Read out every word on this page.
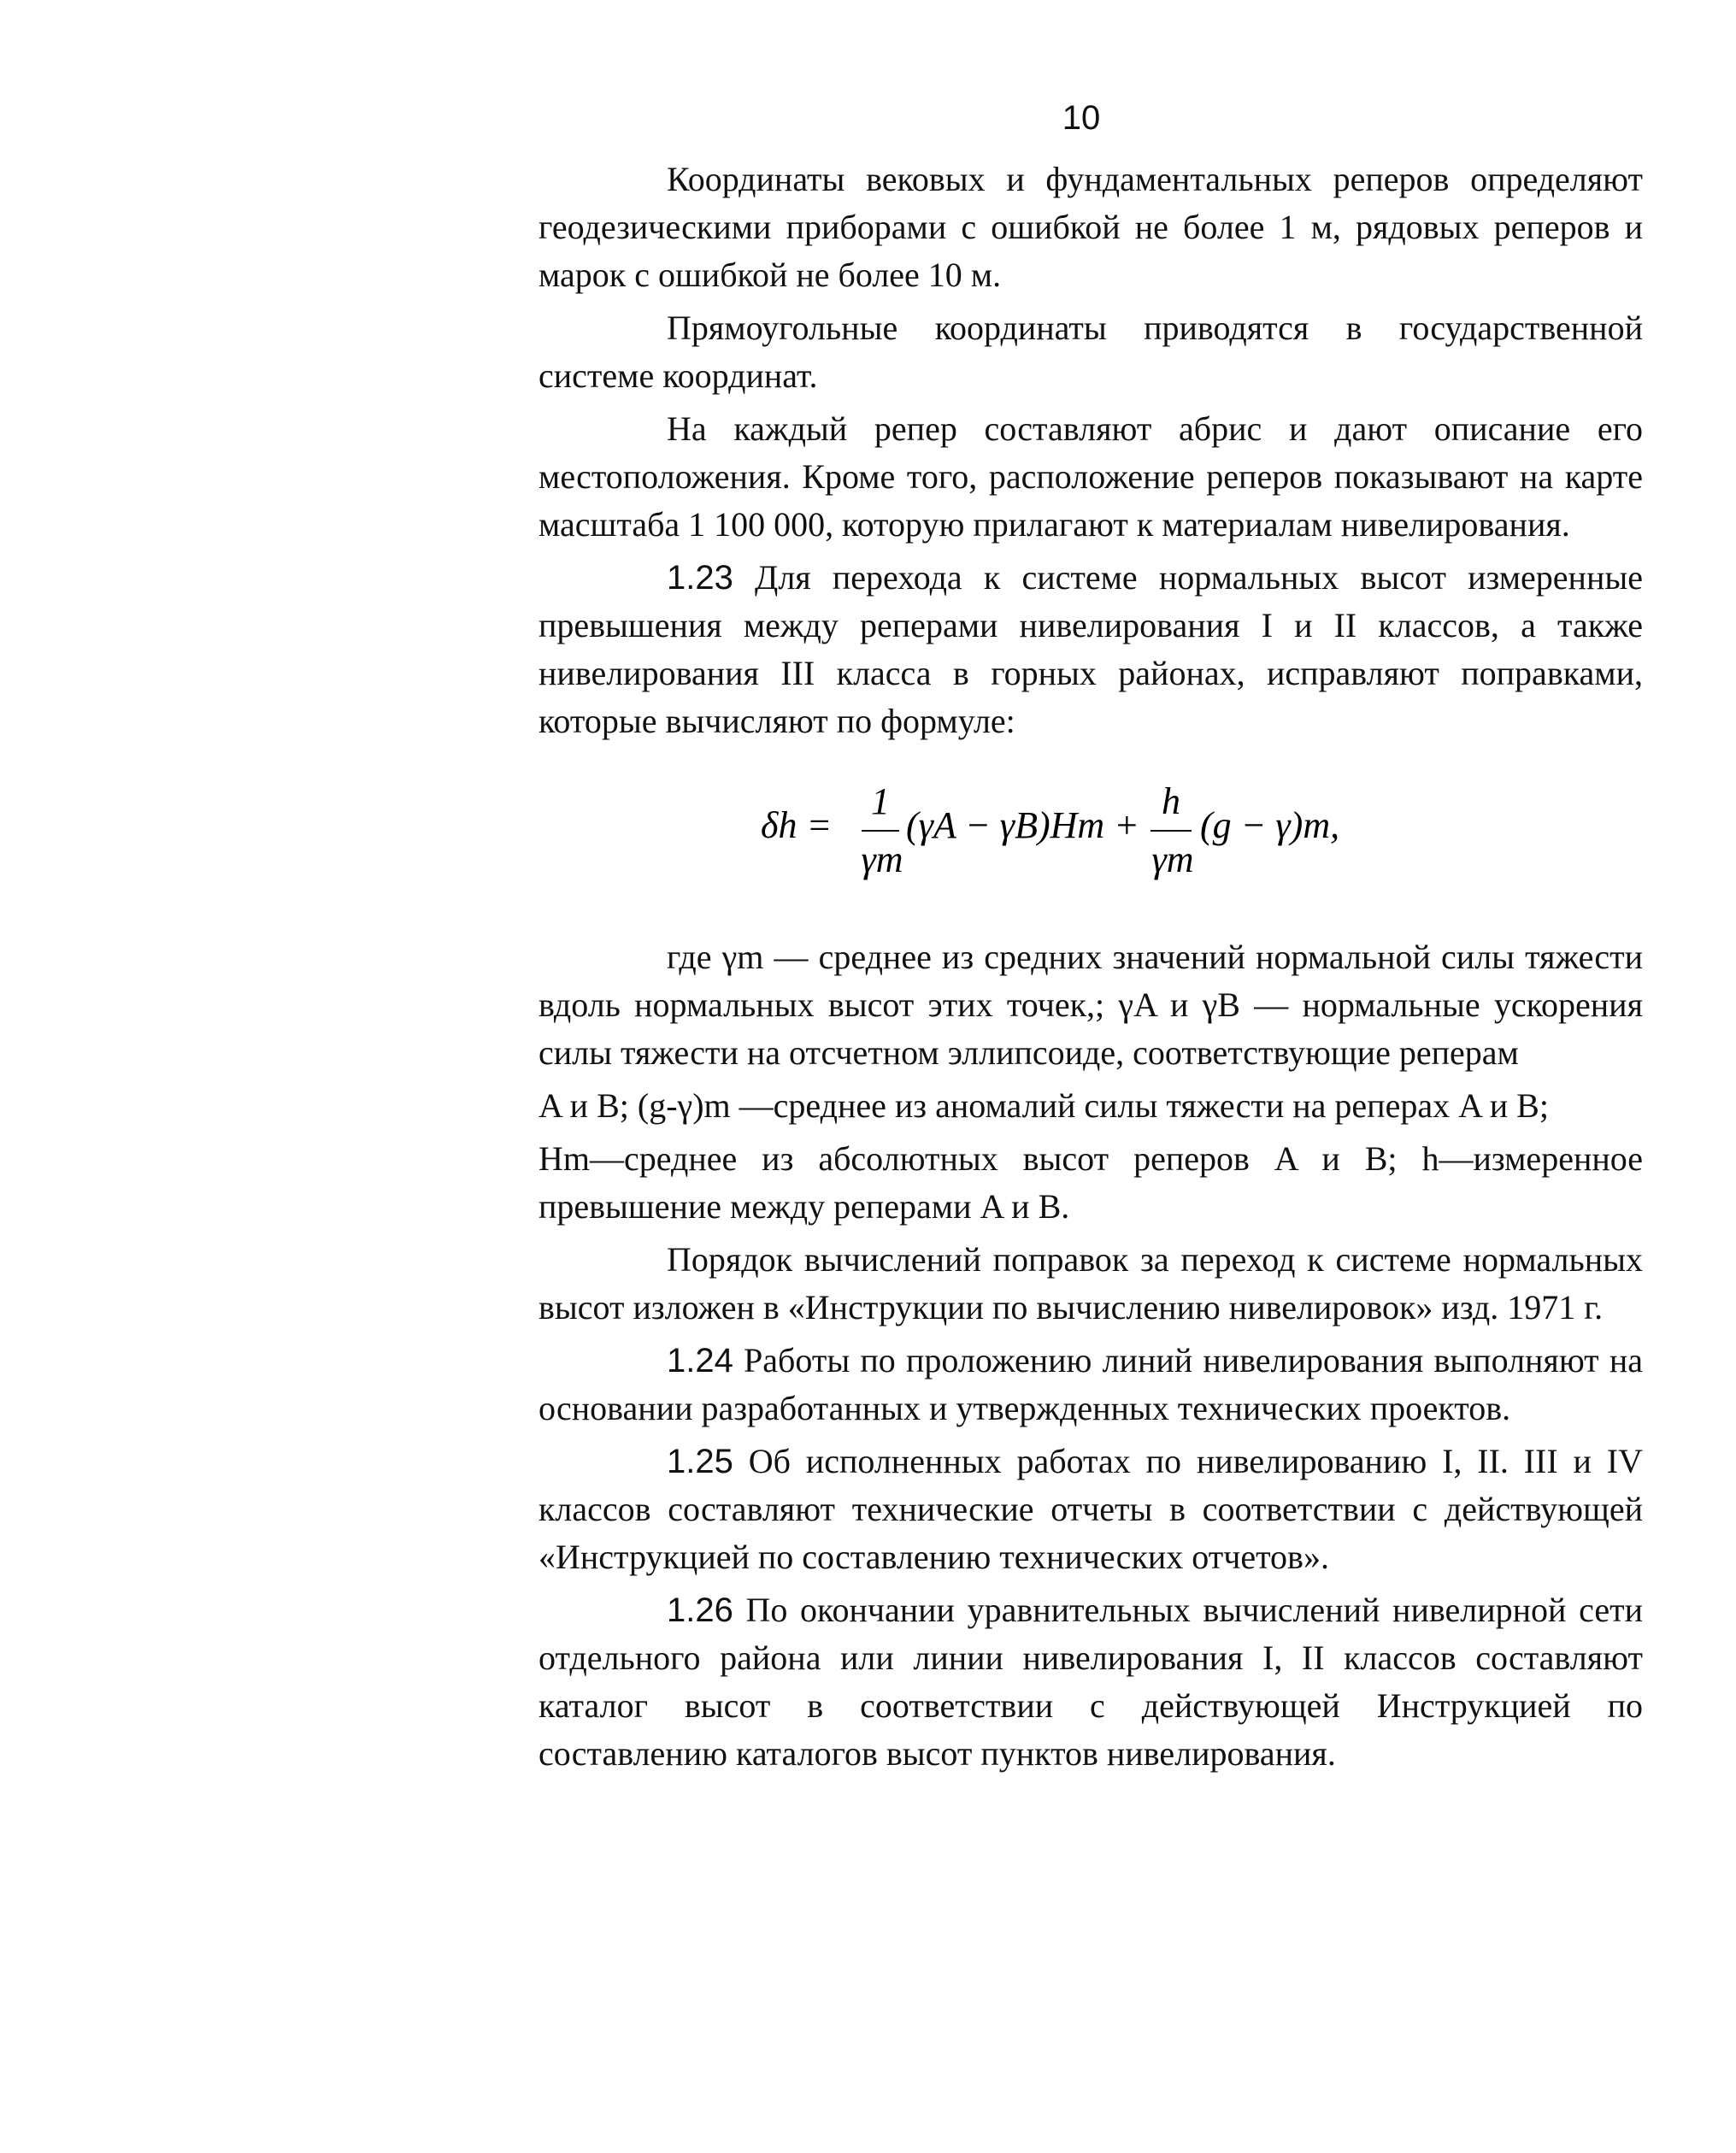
10

Координаты вековых и фундаментальных реперов определяют геодезическими приборами с ошибкой не более 1 м, рядовых реперов и марок с ошибкой не более 10 м.

Прямоугольные координаты приводятся в государственной системе координат.

На каждый репер составляют абрис и дают описание его местоположения. Кроме того, расположение реперов показывают на карте масштаба 1 100 000, которую прилагают к материалам нивелирования.

1.23 Для перехода к системе нормальных высот измеренные превышения между реперами нивелирования I и II классов, а также нивелирования III класса в горных районах, исправляют поправками, которые вычисляют по формуле:

δh =
1
γm
(γA − γB)Hm +
h
γm
(g − γ)m,

где γm — среднее из средних значений нормальной силы тяжести вдоль нормальных высот этих точек,; γA и γB — нормальные ускорения силы тяжести на отсчетном эллипсоиде, соответствующие реперам

A и B; (g-γ)m —среднее из аномалий силы тяжести на реперах A и B;

Hm—среднее из абсолютных высот реперов A и B; h—измеренное превышение между реперами A и B.

Порядок вычислений поправок за переход к системе нормальных высот изложен в «Инструкции по вычислению нивелировок» изд. 1971 г.

1.24 Работы по проложению линий нивелирования выполняют на основании разработанных и утвержденных технических проектов.

1.25 Об исполненных работах по нивелированию I, II. III и IV классов составляют технические отчеты в соответствии с действующей «Инструкцией по составлению технических отчетов».

1.26 По окончании уравнительных вычислений нивелирной сети отдельного района или линии нивелирования I, II классов составляют каталог высот в соответствии с действующей Инструкцией по составлению каталогов высот пунктов нивелирования.
